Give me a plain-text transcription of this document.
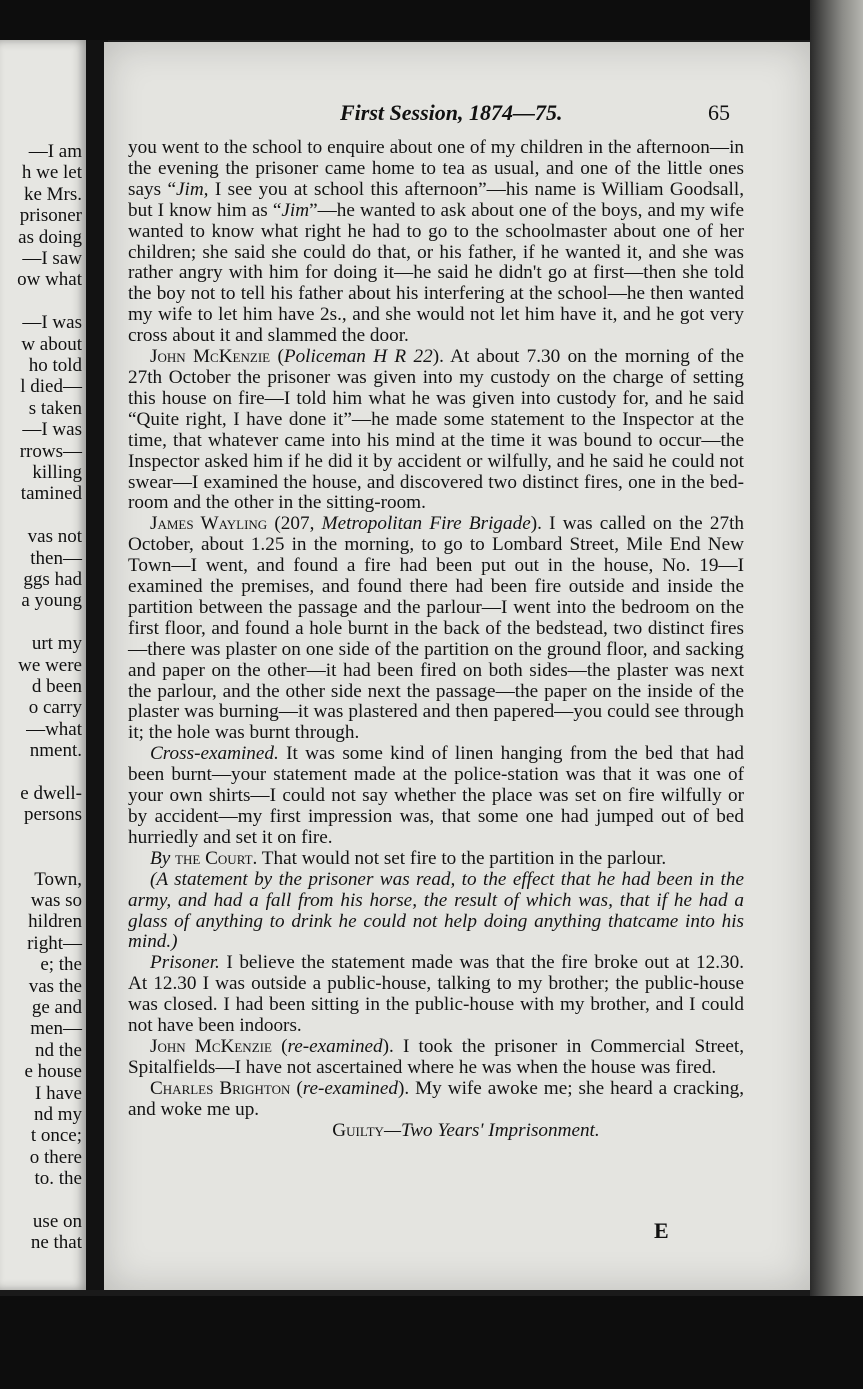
—I am
h we let
ke Mrs.
prisoner
as doing
—I saw
ow what
—I was
w about
ho told
l died—
s taken
—I was
rrows—
killing
tamined
vas not
then—
ggs had
a young
urt my
we were
d been
o carry
—what
nment.
e dwell-
persons
Town,
was so
hildren
right—
e; the
vas the
ge and
men—
nd the
e house
I have
nd my
t once;
o there
to. the
use on
ne that
First Session, 1874—75.	65

you went to the school to enquire about one of my children in the afternoon—in the evening the prisoner came home to tea as usual, and one of the little ones says “Jim, I see you at school this afternoon”—his name is William Goodsall, but I know him as “Jim”—he wanted to ask about one of the boys, and my wife wanted to know what right he had to go to the schoolmaster about one of her children; she said she could do that, or his father, if he wanted it, and she was rather angry with him for doing it—he said he didn't go at first—then she told the boy not to tell his father about his interfering at the school—he then wanted my wife to let him have 2s., and she would not let him have it, and he got very cross about it and slammed the door.

John McKenzie (Policeman H R 22). At about 7.30 on the morning of the 27th October the prisoner was given into my custody on the charge of setting this house on fire—I told him what he was given into custody for, and he said “Quite right, I have done it”—he made some statement to the Inspector at the time, that whatever came into his mind at the time it was bound to occur—the Inspector asked him if he did it by accident or wilfully, and he said he could not swear—I examined the house, and discovered two distinct fires, one in the bed-room and the other in the sitting-room.

James Wayling (207, Metropolitan Fire Brigade). I was called on the 27th October, about 1.25 in the morning, to go to Lombard Street, Mile End New Town—I went, and found a fire had been put out in the house, No. 19—I examined the premises, and found there had been fire outside and inside the partition between the passage and the parlour—I went into the bedroom on the first floor, and found a hole burnt in the back of the bedstead, two distinct fires—there was plaster on one side of the partition on the ground floor, and sacking and paper on the other—it had been fired on both sides—the plaster was next the parlour, and the other side next the passage—the paper on the inside of the plaster was burning—it was plastered and then papered—you could see through it; the hole was burnt through.

Cross-examined. It was some kind of linen hanging from the bed that had been burnt—your statement made at the police-station was that it was one of your own shirts—I could not say whether the place was set on fire wilfully or by accident—my first impression was, that some one had jumped out of bed hurriedly and set it on fire.

By the Court. That would not set fire to the partition in the parlour.

(A statement by the prisoner was read, to the effect that he had been in the army, and had a fall from his horse, the result of which was, that if he had a glass of anything to drink he could not help doing anything thatcame into his mind.)

Prisoner. I believe the statement made was that the fire broke out at 12.30. At 12.30 I was outside a public-house, talking to my brother; the public-house was closed. I had been sitting in the public-house with my brother, and I could not have been indoors.

John McKenzie (re-examined). I took the prisoner in Commercial Street, Spitalfields—I have not ascertained where he was when the house was fired.

Charles Brighton (re-examined). My wife awoke me; she heard a cracking, and woke me up.

Guilty—Two Years' Imprisonment.

E
